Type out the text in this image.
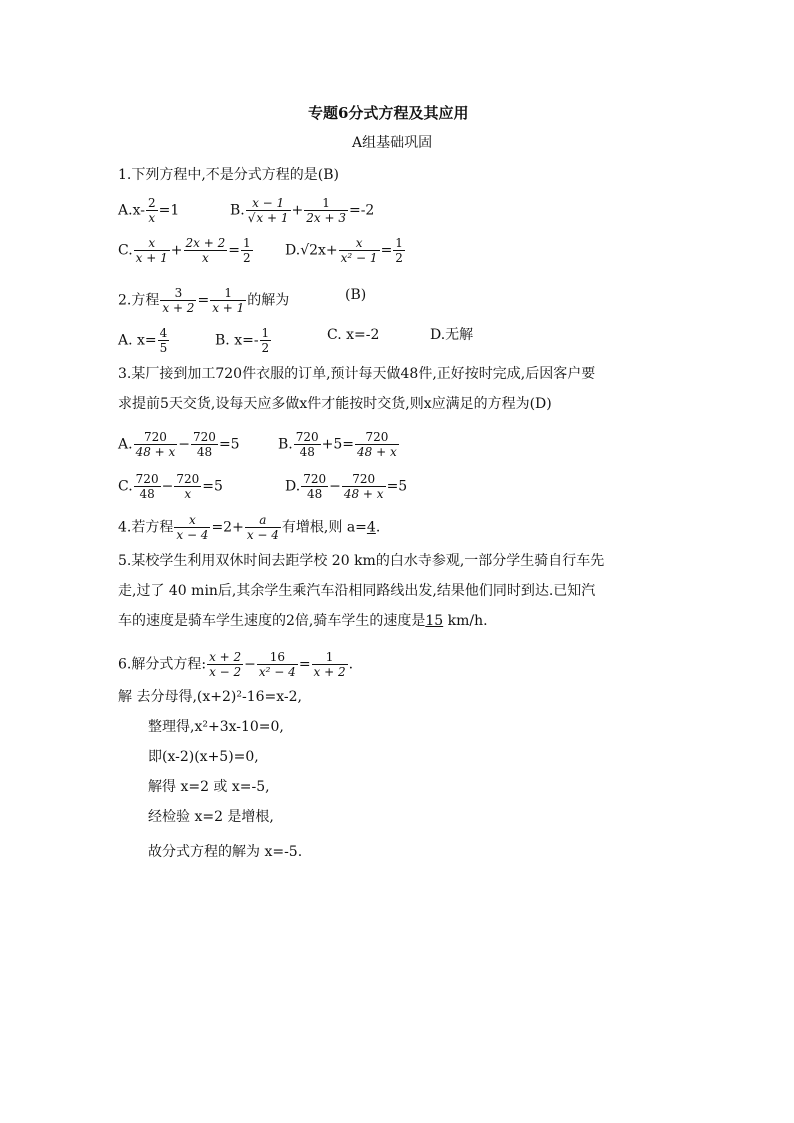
专题6分式方程及其应用
A组基础巩固
1.下列方程中,不是分式方程的是(B)
$A.x- \frac{2}{x} =1$	B. $\frac{x - 1}{√x + 1} + \frac{1}{2x + 3} =-2$
C. $\frac{x}{x + 1} + \frac{2x + 2}{x} = \frac{1}{2} D.√2x+ \frac{x}{\text{x² − 1}} = \frac{1}{2}$
2.方程 $\frac{3}{x + 2} = \frac{1}{x + 1}$ 的解为	(B)
A. $x= \frac{4}{5}$	B. $x=- \frac{1}{2}$	C. x=-2	D.无解
3.某厂接到加工720件衣服的订单,预计每天做48件,正好按时完成,后因客户要
求提前5天交货,设每天应多做x件才能按时交货,则x应满足的方程为(D)
A. $\frac{720}{48 + x} - \frac{720}{48} =5$	B. $\frac{720}{48} +5= \frac{720}{48 + x}$
C. $\frac{720}{48} - \frac{720}{x} =5$	D. $\frac{720}{48} - \frac{720}{48 + x} =5$
4.若方程 $\frac{x}{x - 4} =2+ \frac{a}{x - 4}$ 有增根,则 a=4.
5.某校学生利用双休时间去距学校 20 km的白水寺参观,一部分学生骑自行车先
走,过了 40 min后,其余学生乘汽车沿相同路线出发,结果他们同时到达.已知汽
车的速度是骑车学生速度的2倍,骑车学生的速度是15 km/h.
6.解分式方程: $\frac{x + 2}{x - 2} - \frac{16}{\text{x² − 4}} = \frac{1}{x + 2}$ .
解 去分母得,(x+2)²-16=x-2,
整理得,x²+3x-10=0,
即(x-2)(x+5)=0,
解得 x=2 或 x=-5,
经检验 x=2 是增根,
故分式方程的解为 x=-5.
